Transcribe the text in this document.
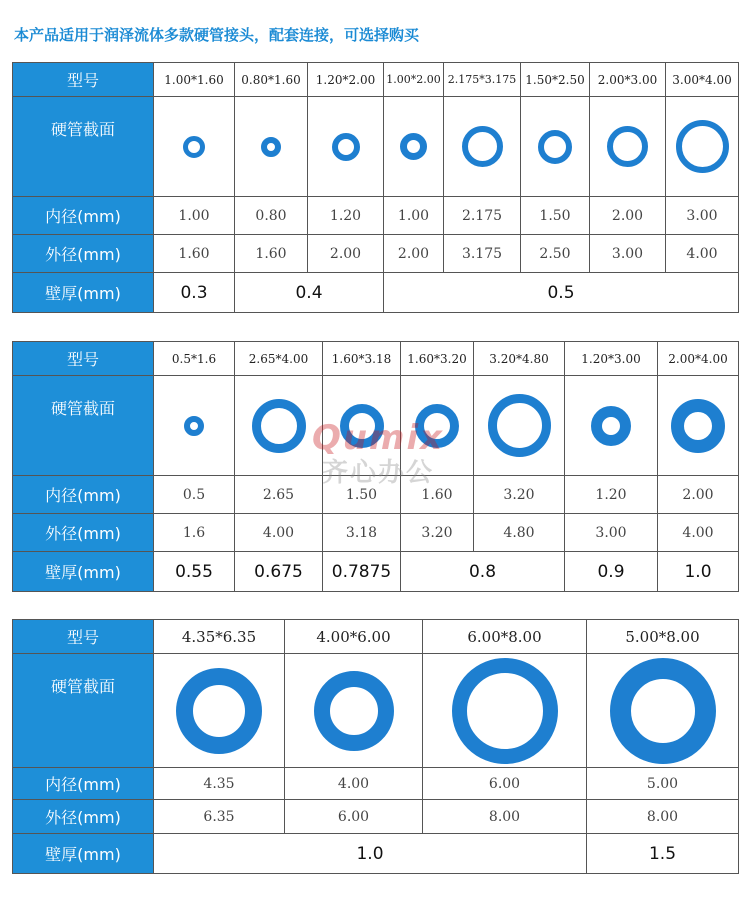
本产品适用于润泽流体多款硬管接头，配套连接，可选择购买
型号	1.00*1.60	0.80*1.60	1.20*2.00	1.00*2.00	2.175*3.175	1.50*2.50	2.00*3.00	3.00*4.00
硬管截面								
内径(mm)	1.00	0.80	1.20	1.00	2.175	1.50	2.00	3.00
外径(mm)	1.60	1.60	2.00	2.00	3.175	2.50	3.00	4.00
壁厚(mm)	0.3	0.4		0.5				
型号	0.5*1.6	2.65*4.00	1.60*3.18	1.60*3.20	3.20*4.80	1.20*3.00	2.00*4.00
硬管截面							
内径(mm)	0.5	2.65	1.50	1.60	3.20	1.20	2.00
外径(mm)	1.6	4.00	3.18	3.20	4.80	3.00	4.00
壁厚(mm)	0.55	0.675	0.7875	0.8		0.9	1.0
型号	4.35*6.35	4.00*6.00	6.00*8.00	5.00*8.00
硬管截面				
内径(mm)	4.35	4.00	6.00	5.00
外径(mm)	6.35	6.00	8.00	8.00
壁厚(mm)	1.0			1.5
Qumix
齐心办公
